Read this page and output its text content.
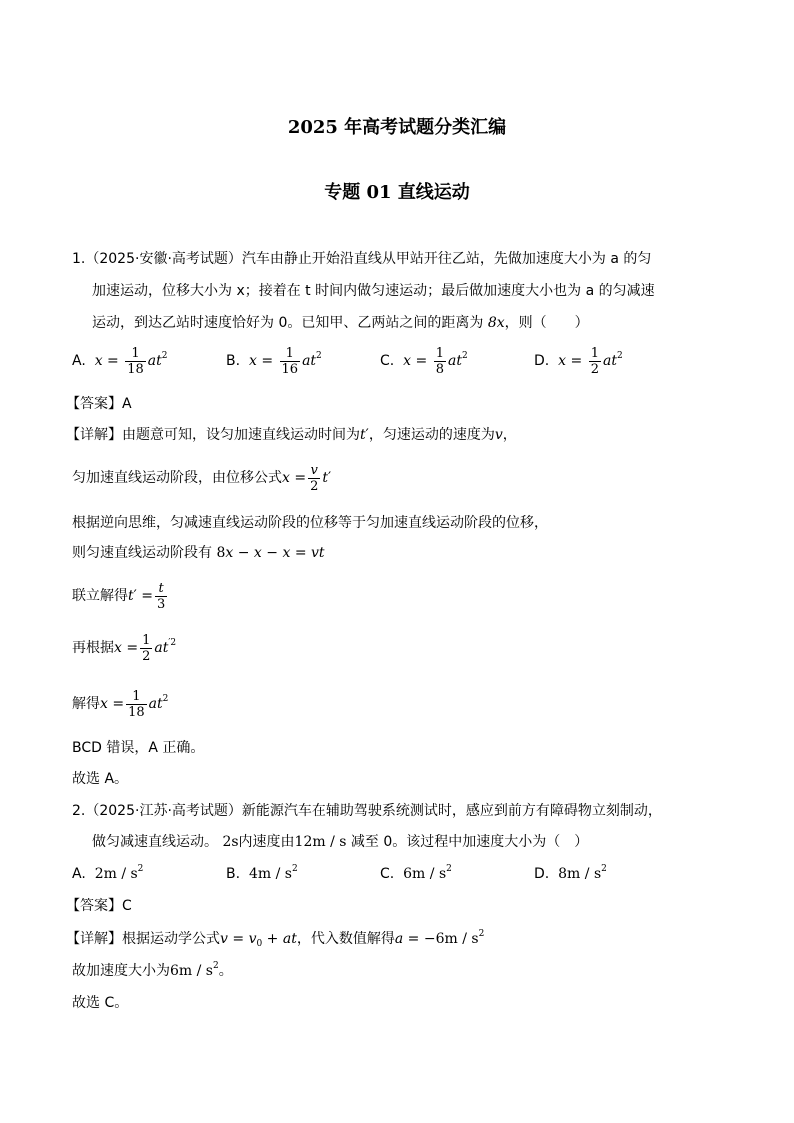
2025 年高考试题分类汇编
专题 01 直线运动
1.（2025·安徽·高考试题）汽车由静止开始沿直线从甲站开往乙站，先做加速度大小为 a 的匀
加速运动，位移大小为 x；接着在 t 时间内做匀速运动；最后做加速度大小也为 a 的匀减速
运动，到达乙站时速度恰好为 0。已知甲、乙两站之间的距离为 8x，则（　　）
A. $x = \frac{1}{18} at^2$	B. $x = \frac{1}{16} at^2$	C. $x = \frac{1}{8} at^2$	D. $x = \frac{1}{2} at^2$
【答案】A
【详解】由题意可知，设匀加速直线运动时间为t′，匀速运动的速度为v，
匀加速直线运动阶段，由位移公式$x = \frac{v}{2} t'$
根据逆向思维，匀减速直线运动阶段的位移等于匀加速直线运动阶段的位移，
则匀速直线运动阶段有 8x − x − x = vt
联立解得$t' = \frac{t}{3}$
再根据$x = \frac{1}{2} at^{'2}$
解得$x = \frac{1}{18} at^2$
BCD 错误，A 正确。
故选 A。
2.（2025·江苏·高考试题）新能源汽车在辅助驾驶系统测试时，感应到前方有障碍物立刻制动，
做匀减速直线运动。 2s内速度由12m / s 减至 0。该过程中加速度大小为（　）
A. $2m / s^2$	B. $4m / s^2$	C. $6m / s^2$	D. $8m / s^2$
【答案】C
【详解】根据运动学公式$v = v_0$ + at，代入数值解得$a = -6m / s^2$
故加速度大小为$6m / s^2$。
故选 C。
